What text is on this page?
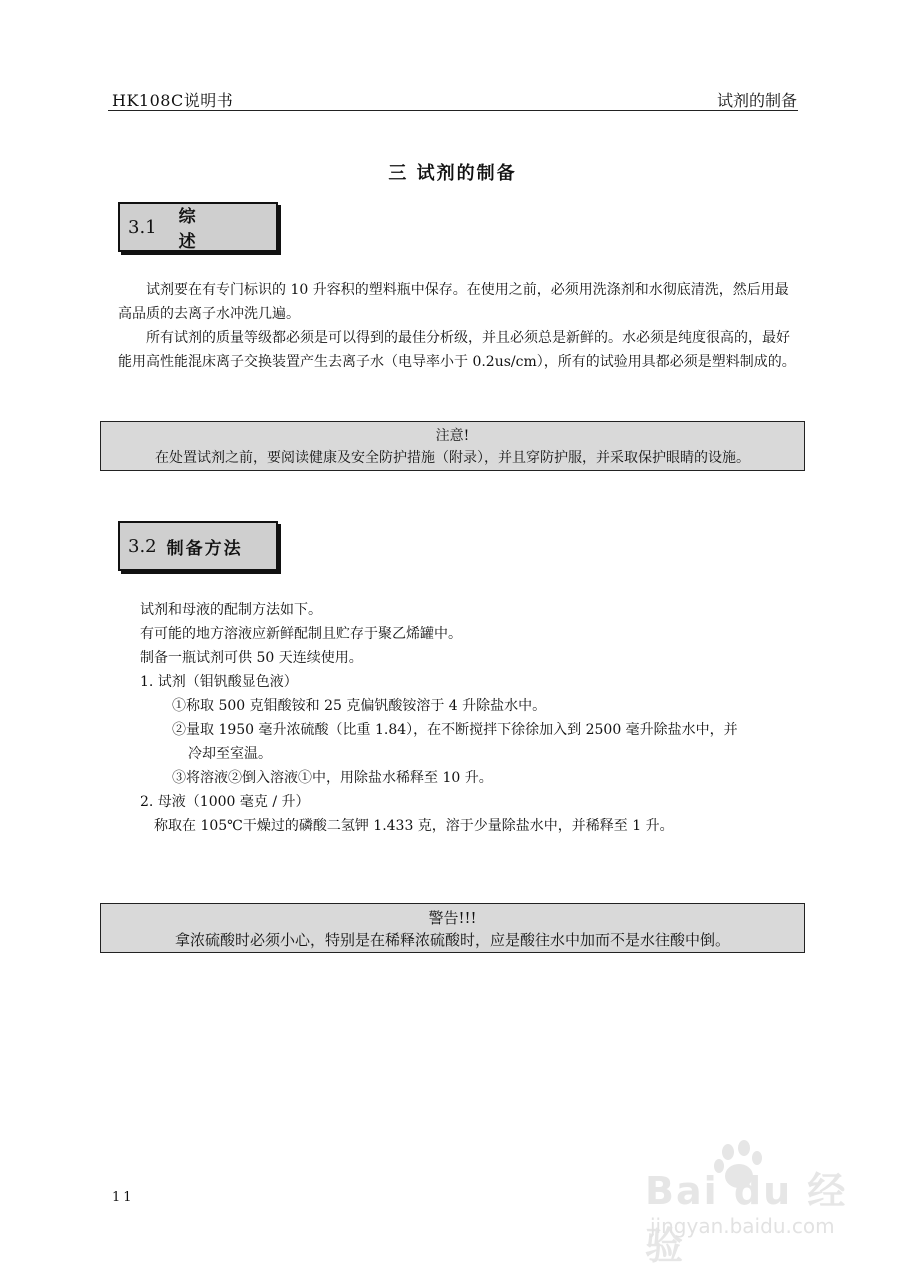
HK108C说明书	试剂的制备
三 试剂的制备
3.1 综 述

试剂要在有专门标识的 10 升容积的塑料瓶中保存。在使用之前，必须用洗涤剂和水彻底清洗，然后用最高品质的去离子水冲洗几遍。

所有试剂的质量等级都必须是可以得到的最佳分析级，并且必须总是新鲜的。水必须是纯度很高的，最好能用高性能混床离子交换装置产生去离子水（电导率小于 0.2us/cm），所有的试验用具都必须是塑料制成的。

注意!
在处置试剂之前，要阅读健康及安全防护措施（附录），并且穿防护服，并采取保护眼睛的设施。
3.2 制备方法
试剂和母液的配制方法如下。
有可能的地方溶液应新鲜配制且贮存于聚乙烯罐中。
制备一瓶试剂可供 50 天连续使用。
1. 试剂（钼钒酸显色液）
①称取 500 克钼酸铵和 25 克偏钒酸铵溶于 4 升除盐水中。
②量取 1950 毫升浓硫酸（比重 1.84），在不断搅拌下徐徐加入到 2500 毫升除盐水中，并
冷却至室温。
③将溶液②倒入溶液①中，用除盐水稀释至 10 升。
2. 母液（1000 毫克 / 升）
称取在 105℃干燥过的磷酸二氢钾 1.433 克，溶于少量除盐水中，并稀释至 1 升。
警告!!!
拿浓硫酸时必须小心，特别是在稀释浓硫酸时，应是酸往水中加而不是水往酸中倒。
11	Bai du 经验
jingyan.baidu.com
